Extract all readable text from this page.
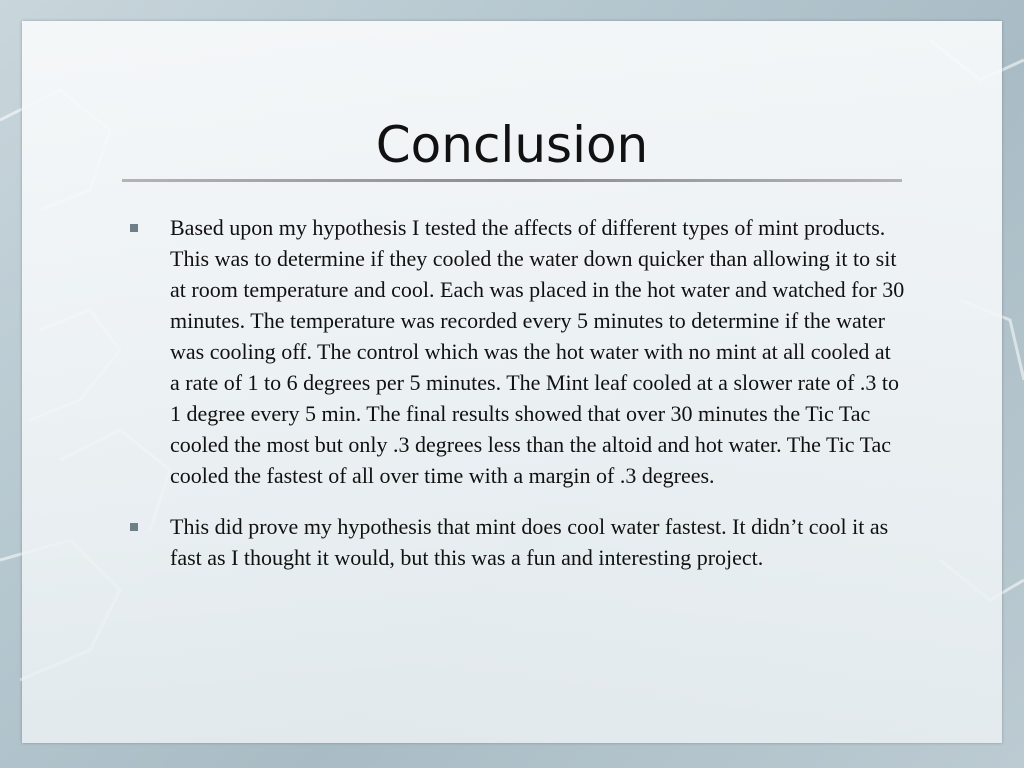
Conclusion
Based upon my hypothesis I tested the affects of different types of mint products. This was to determine if they cooled the water down quicker than allowing it to sit at room temperature and cool. Each was placed in the hot water and watched for 30 minutes. The temperature was recorded every 5 minutes to determine if the water was cooling off. The control which was the hot water with no mint at all cooled at a rate of 1 to 6 degrees per 5 minutes. The Mint leaf cooled at a slower rate of .3 to 1 degree every 5 min. The final results showed that over 30 minutes the Tic Tac cooled the most but only .3 degrees less than the altoid and hot water. The Tic Tac cooled the fastest of all over time with a margin of .3 degrees.
This did prove my hypothesis that mint does cool water fastest. It didn’t cool it as fast as I thought it would, but this was a fun and interesting project.
